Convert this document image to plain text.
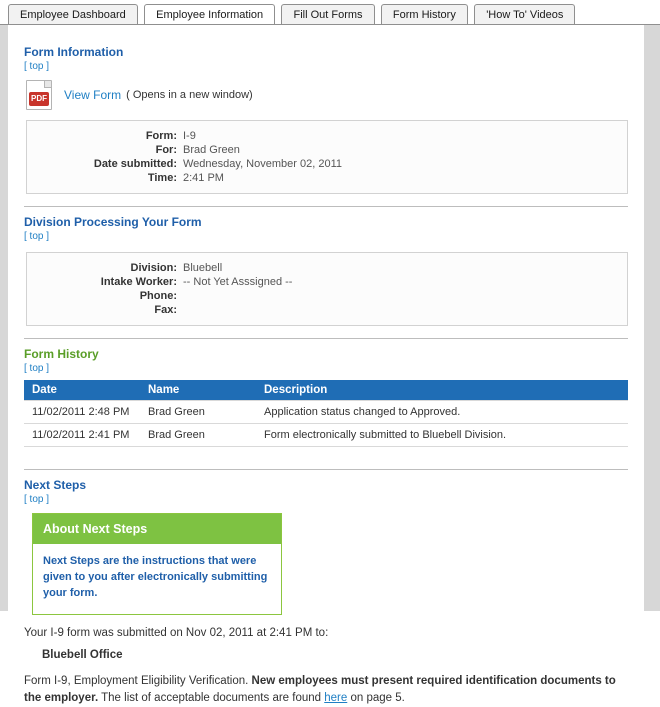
Employee Dashboard	Employee Information	Fill Out Forms	Form History	'How To' Videos
Form Information
[ top ]
PDF View Form ( Opens in a new window)
Form:	I-9
For:	Brad Green
Date submitted:	Wednesday, November 02, 2011
Time:	2:41 PM
Division Processing Your Form
[ top ]
Division:	Bluebell
Intake Worker:	-- Not Yet Asssigned --
Phone:	
Fax:	
Form History
[ top ]
Date	Name	Description
11/02/2011 2:48 PM	Brad Green	Application status changed to Approved.
11/02/2011 2:41 PM	Brad Green	Form electronically submitted to Bluebell Division.
Next Steps
[ top ]
About Next Steps
Next Steps are the instructions that were given to you after electronically submitting your form.

Your I-9 form was submitted on Nov 02, 2011 at 2:41 PM to:

Bluebell Office

Form I-9, Employment Eligibility Verification. New employees must present required identification documents to the employer. The list of acceptable documents are found here on page 5.
